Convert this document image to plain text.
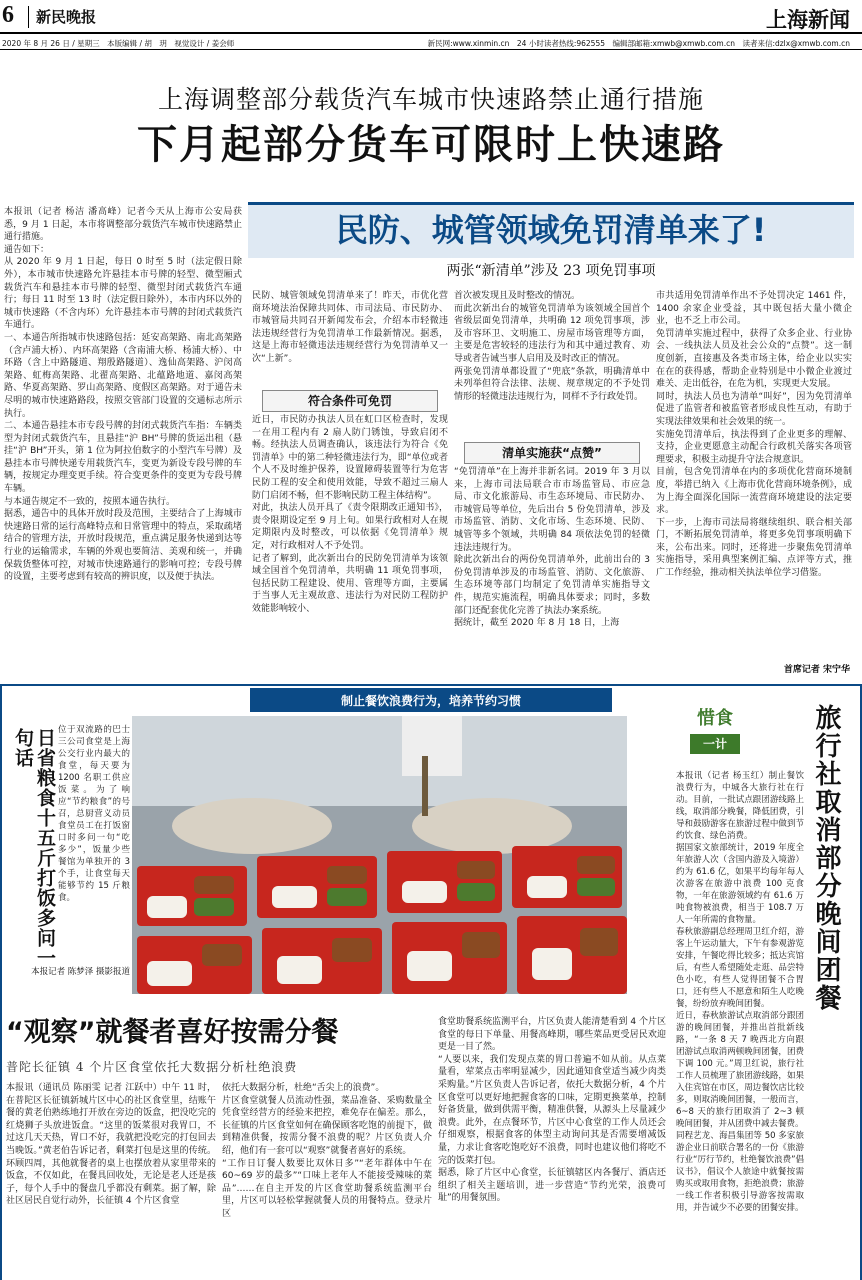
6 新民晚报	上海新闻
2020 年 8 月 26 日 / 星期三　本版编辑 / 胡　玥　视觉设计 / 姜会师	新民网:www.xinmin.cn　24 小时读者热线:962555　编辑部邮箱:xmwb@xmwb.com.cn　读者来信:dzlx@xmwb.com.cn
上海调整部分载货汽车城市快速路禁止通行措施
下月起部分货车可限时上快速路
本报讯（记者 杨洁 潘高峰）记者今天从上海市公安局获悉，9 月 1 日起，本市将调整部分载货汽车城市快速路禁止通行措施。
通告如下：
从 2020 年 9 月 1 日起，每日 0 时至 5 时（法定假日除外），本市城市快速路允许悬挂本市号牌的轻型、微型厢式载货汽车和悬挂本市号牌的轻型、微型封闭式载货汽车通行；每日 11 时至 13 时（法定假日除外），本市内环以外的城市快速路（不含内环）允许悬挂本市号牌的封闭式载货汽车通行。
一、本通告所指城市快速路包括：延安高架路、南北高架路（含卢浦大桥）、内环高架路（含南浦大桥、杨浦大桥）、中环路（含上中路隧道、翔殷路隧道）、逸仙高架路、沪闵高架路、虹梅高架路、北翟高架路、北蕴路地道、嘉闵高架路、华夏高架路、罗山高架路、度假区高架路。对于通告未尽明的城市快速路路段，按照交管部门设置的交通标志所示执行。
二、本通告悬挂本市专段号牌的封闭式载货汽车指：车辆类型为封闭式载货汽车，且悬挂“沪 BH”号牌的货运出租（悬挂“沪 BH”开头，第 1 位为阿拉伯数字的小型汽车号牌）及悬挂本市号牌快递专用载货汽车，变更为新设专段号牌的车辆，按规定办理变更手续。符合变更条件的变更为专段号牌车辆。
与本通告规定不一致的，按照本通告执行。
据悉，通告中的具体开放时段及范围，主要结合了上海城市快速路日常的运行高峰特点和日常管理中的特点，采取疏堵结合的管理方法，开放时段规范，重点满足服务快递到达等行业的运输需求，车辆的外观也要简洁、美观和统一，并确保载货整体可控，对城市快速路通行的影响可控；专段号牌的设置，主要考虑到有较高的辨识度，以及便于执法。
民防、城管领域免罚清单来了!
两张“新清单”涉及 23 项免罚事项
民防、城管领域免罚清单来了！昨天，市优化营商环境法治保障共同体、市司法局、市民防办、市城管局共同召开新闻发布会，介绍本市轻微违法违规经营行为免罚清单工作最新情况。据悉，这是上海市轻微违法违规经营行为免罚清单又一次“上新”。
符合条件可免罚
近日，市民防办执法人员在虹口区检查时，发现一在用工程内有 2 扇人防门锈蚀，导致启闭不畅。经执法人员调查确认，该违法行为符合《免罚清单》中的第二种轻微违法行为，即“单位或者个人不及时维护保养，设置障碍装置等行为危害民防工程的安全和使用效能，导致不超过三扇人防门启闭不畅，但不影响民防工程主体结构”。
对此，执法人员开具了《责令限期改正通知书》，责令限期设定至 9 月上旬。如果行政相对人在规定期限内及时整改，可以依据《免罚清单》规定，对行政相对人不予处罚。
记者了解到，此次新出台的民防免罚清单为该领域全国首个免罚清单，共明确 11 项免罚事项，包括民防工程建设、使用、管理等方面，主要属于当事人无主观故意、违法行为对民防工程防护效能影响较小、
首次被发现且及时整改的情况。
而此次新出台的城管免罚清单为该领域全国首个省级层面免罚清单，共明确 12 项免罚事项，涉及市容环卫、文明施工、房屋市场管理等方面，主要是危害较轻的违法行为和其中通过教育、劝导或者告诫当事人启用及及时改正的情况。
两张免罚清单都设置了“兜底”条款，明确清单中未列举但符合法律、法规、规章规定的不予处罚情形的轻微违法违规行为，同样不予行政处罚。
清单实施获“点赞”
“免罚清单”在上海并非新名词。2019 年 3 月以来，上海市司法局联合市市场监管局、市应急局、市文化旅游局、市生态环境局、市民防办、市城管局等单位，先后出台 5 份免罚清单，涉及市场监管、消防、文化市场、生态环境、民防、城管等多个领域，共明确 84 项依法免罚的轻微违法违规行为。
除此次新出台的两份免罚清单外，此前出台的 3 份免罚清单涉及的市场监管、消防、文化旅游、生态环境等部门均制定了免罚清单实施指导文件，规范实施流程，明确具体要求；同时，多数部门还配套优化完善了执法办案系统。
据统计，截至 2020 年 8 月 18 日，上海
市共适用免罚清单作出不予处罚决定 1461 件，1400 余家企业受益，其中既包括大量小微企业，也不乏上市公司。
免罚清单实施过程中，获得了众多企业、行业协会、一线执法人员及社会公众的“点赞”。这一制度创新，直接惠及各类市场主体，给企业以实实在在的获得感，帮助企业特别是中小微企业渡过难关、走出低谷，在危为机，实现更大发展。
同时，执法人员也为清单“叫好”，因为免罚清单促进了监管者和被监管者形成良性互动，有助于实现法律效果和社会效果的统一。
实施免罚清单后，执法得到了企业更多的理解、支持，企业更愿意主动配合行政机关落实各项管理要求，积极主动提升守法合规意识。
目前，包含免罚清单在内的多项优化营商环境制度，举措已纳入《上海市优化营商环境条例》，成为上海全面深化国际一流营商环境建设的法定要求。
下一步，上海市司法局将继续组织、联合相关部门，不断拓展免罚清单，将更多免罚事项明确下来，公布出来。同时，还将进一步聚焦免罚清单实施指导，采用典型案例汇编、点评等方式，推广工作经验，推动相关执法单位学习借鉴。
首席记者 宋宁华
制止餐饮浪费行为，培养节约习惯
日省粮食十五斤打饭多问一句话	位于双流路的巴士三公司食堂是上海公交行业内最大的食堂，每天要为 1200 名职工供应饭菜。为了响应“节约粮食”的号召，总厨营义动员食堂员工在打饭窗口时多问一句“吃多少”，饭量少些餐馆为单独开的 3 个手，让食堂每天能够节约 15 斤粮食。
本报记者 陈梦泽 摄影报道
惜食
一计	旅行社取消部分晚间团餐
本报讯（记者 杨玉红）制止餐饮浪费行为，中城各大旅行社在行动。目前，一批试点跟团游线路上线，取消部分晚餐，降低团费，引导和鼓励游客在旅游过程中做到节约饮食、绿色消费。
据国家文旅部统计，2019 年度全年旅游人次（含国内游及入境游）约为 61.6 亿，如果平均每年每人次游客在旅游中浪费 100 克食物，一年在旅游领域约有 61.6 万吨食物被浪费，相当于 108.7 万人一年所需的食物量。
春秋旅游副总经理周卫红介绍，游客上午运动量大，下午有参观游览安排，午餐吃得比较多；抵达宾馆后，有些人希望随处走逛、品尝特色小吃，有些人觉得团餐不合胃口，还有些人不愿意和陌生人吃晚餐，纷纷放弃晚间团餐。
近日，春秋旅游试点取消部分跟团游的晚间团餐，并推出首批新线路，“一条 8 天 7 晚西北方向跟团游试点取消两顿晚间团餐，团费下调 100 元。”周卫红说，旅行社工作人员梳理了旅团游线路，如果入住宾馆在市区，周边餐饮店比较多，则取消晚间团餐，一般而言，6~8 天的旅行团取消了 2~3 顿晚间团餐，并从团费中减去餐费。
同程艺龙、海昌集团等 50 多家旅游企业日前联合署名的一份《旅游行业“厉行节约，杜绝餐饮浪费”倡议书》，倡议个人旅途中就餐按需购买或取用食物，拒绝浪费；旅游一线工作者积极引导游客按需取用，并告诫少不必要的团餐安排。
“观察”就餐者喜好按需分餐
普陀长征镇 4 个片区食堂依托大数据分析杜绝浪费
本报讯（通讯员 陈丽雯 记者 江跃中）中午 11 时，在普陀区长征镇新城片区中心的社区食堂里，结账午餐的黄老伯熟练地打开放在旁边的饭盒，把没吃完的红烧狮子头放进饭盒。“这里的饭菜很对我胃口，不过这几天天热，胃口不好，我就把没吃完的打包回去当晚饭。”黄老伯告诉记者，剩菜打包是这里的传统。环顾四周，其他就餐者的桌上也摆放着从家里带来的饭盒，不仅如此，在餐具回收处，无论是老人还是孩子，每个人手中的餐盘几乎都没有剩菜。据了解，除社区居民自觉行动外，长征镇 4 个片区食堂
依托大数据分析，杜绝“舌尖上的浪费”。
片区食堂就餐人员流动性强，菜品准备、采购数量全凭食堂经营方的经验来把控，难免存在偏差。那么，长征镇的片区食堂如何在确保顾客吃饱的前提下，做到精准供餐，按需分餐不浪费的呢？片区负责人介绍，他们有一套可以“观察”就餐者喜好的系统。
“工作日订餐人数要比双休日多”“老年群体中午在 60~69 岁的最多”“口味上老年人不能接受辣味的菜品”……在自主开发的片区食堂助餐系统监测平台里，片区可以轻松掌握就餐人员的用餐特点。登录片区
食堂助餐系统监测平台，片区负责人能清楚看到 4 个片区食堂的每日下单量、用餐高峰期，哪些菜品更受居民欢迎更是一目了然。
“人要以来，我们发现点菜的胃口普遍不如从前。从点菜量看，荤菜点击率明显减少，因此通知食堂适当减少肉类采购量。”片区负责人告诉记者，依托大数据分析，4 个片区食堂可以更好地把握食客的口味，定期更换菜单，控制好备货量，做到供需平衡，精准供餐，从源头上尽量减少浪费。此外，在点餐环节，片区中心食堂的工作人员还会仔细观察，根据食客的体型主动询问其是否需要增减饭量，力求让食客吃饱吃好不浪费，同时也建议他们将吃不完的饭菜打包。
据悉，除了片区中心食堂，长征镇辖区内各餐厅、酒店还组织了相关主题培训，进一步营造“节约光荣，浪费可耻”的用餐氛围。
